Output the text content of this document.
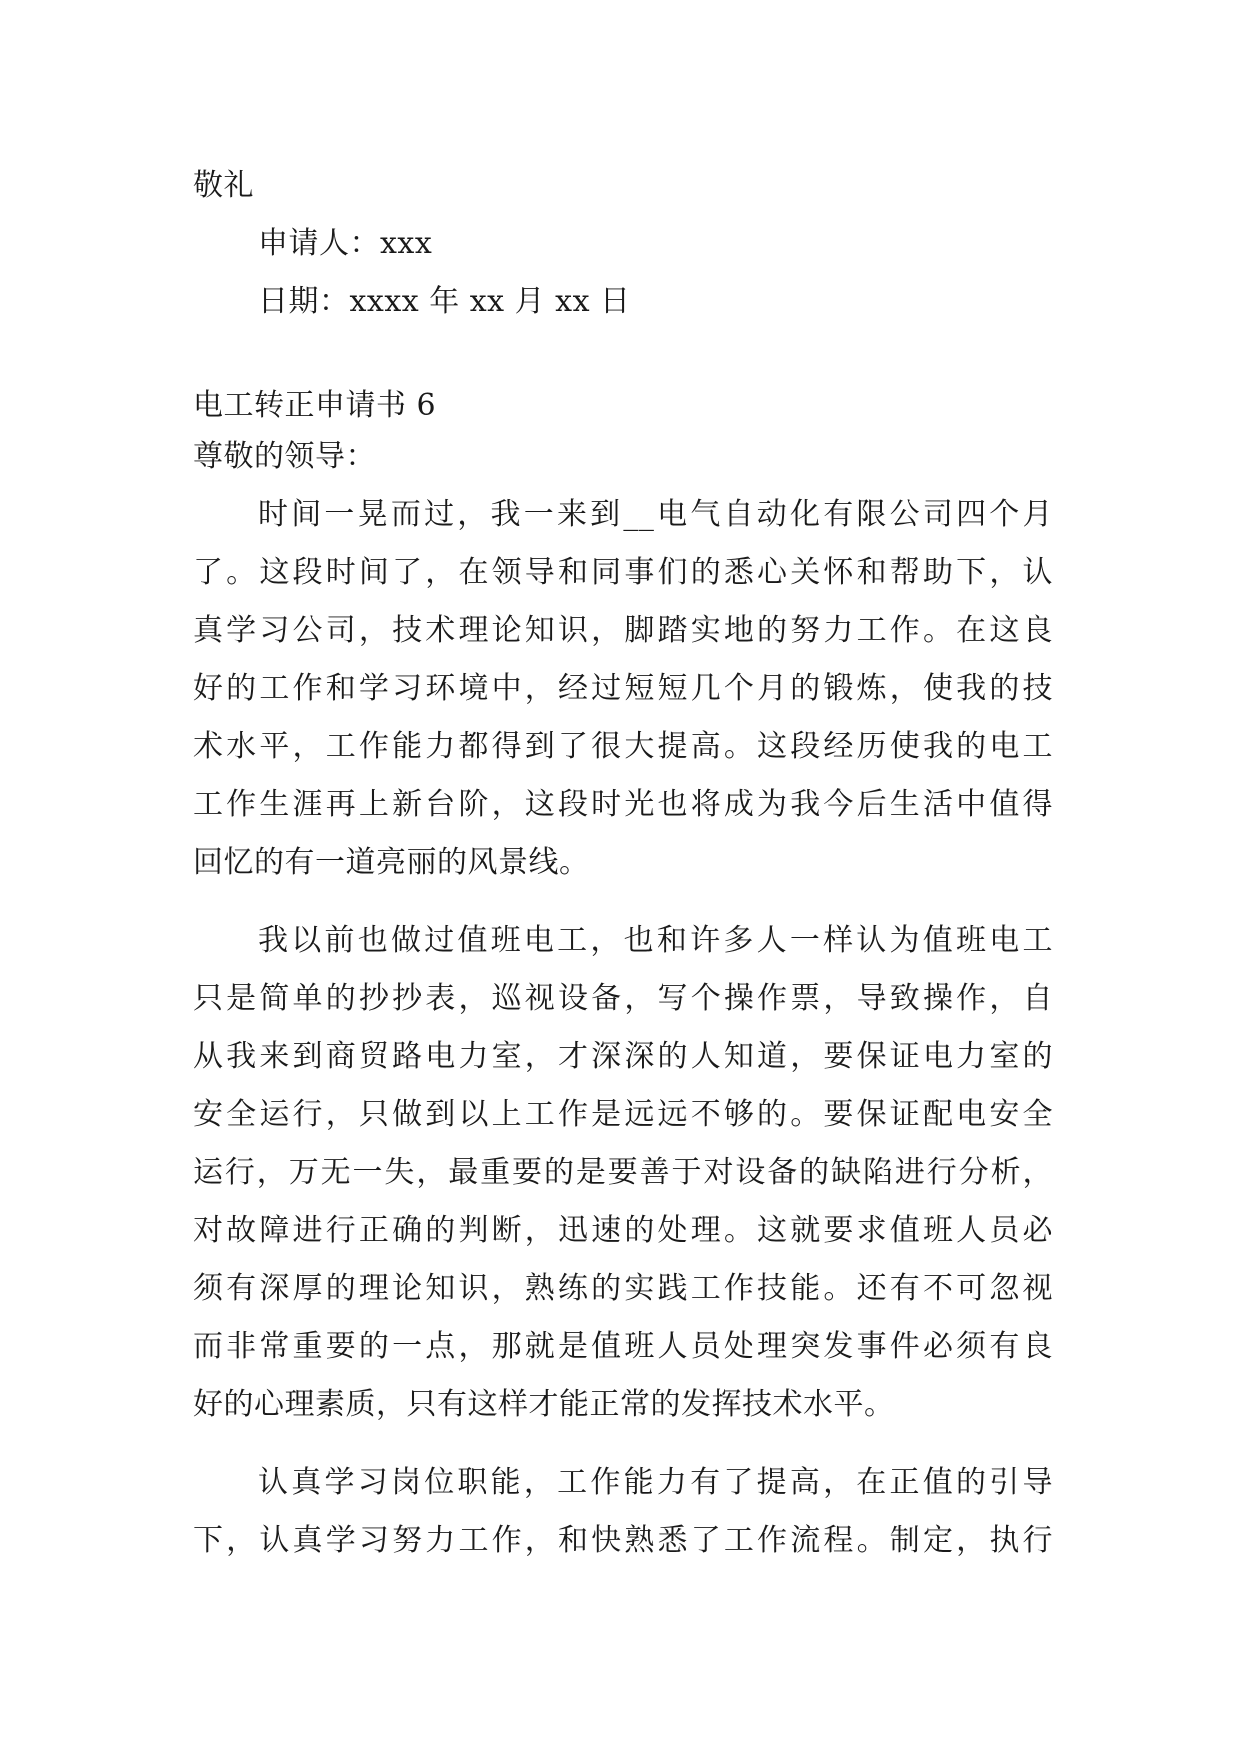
敬礼
申请人：xxx
日期：xxxx 年 xx 月 xx 日
电工转正申请书 6
尊敬的领导：
时间一晃而过，我一来到__电气自动化有限公司四个月
了。这段时间了，在领导和同事们的悉心关怀和帮助下，认
真学习公司，技术理论知识，脚踏实地的努力工作。在这良
好的工作和学习环境中，经过短短几个月的锻炼，使我的技
术水平，工作能力都得到了很大提高。这段经历使我的电工
工作生涯再上新台阶，这段时光也将成为我今后生活中值得
回忆的有一道亮丽的风景线。
我以前也做过值班电工，也和许多人一样认为值班电工
只是简单的抄抄表，巡视设备，写个操作票，导致操作，自
从我来到商贸路电力室，才深深的人知道，要保证电力室的
安全运行，只做到以上工作是远远不够的。要保证配电安全
运行，万无一失，最重要的是要善于对设备的缺陷进行分析，
对故障进行正确的判断，迅速的处理。这就要求值班人员必
须有深厚的理论知识，熟练的实践工作技能。还有不可忽视
而非常重要的一点，那就是值班人员处理突发事件必须有良
好的心理素质，只有这样才能正常的发挥技术水平。
认真学习岗位职能，工作能力有了提高，在正值的引导
下，认真学习努力工作，和快熟悉了工作流程。制定，执行
